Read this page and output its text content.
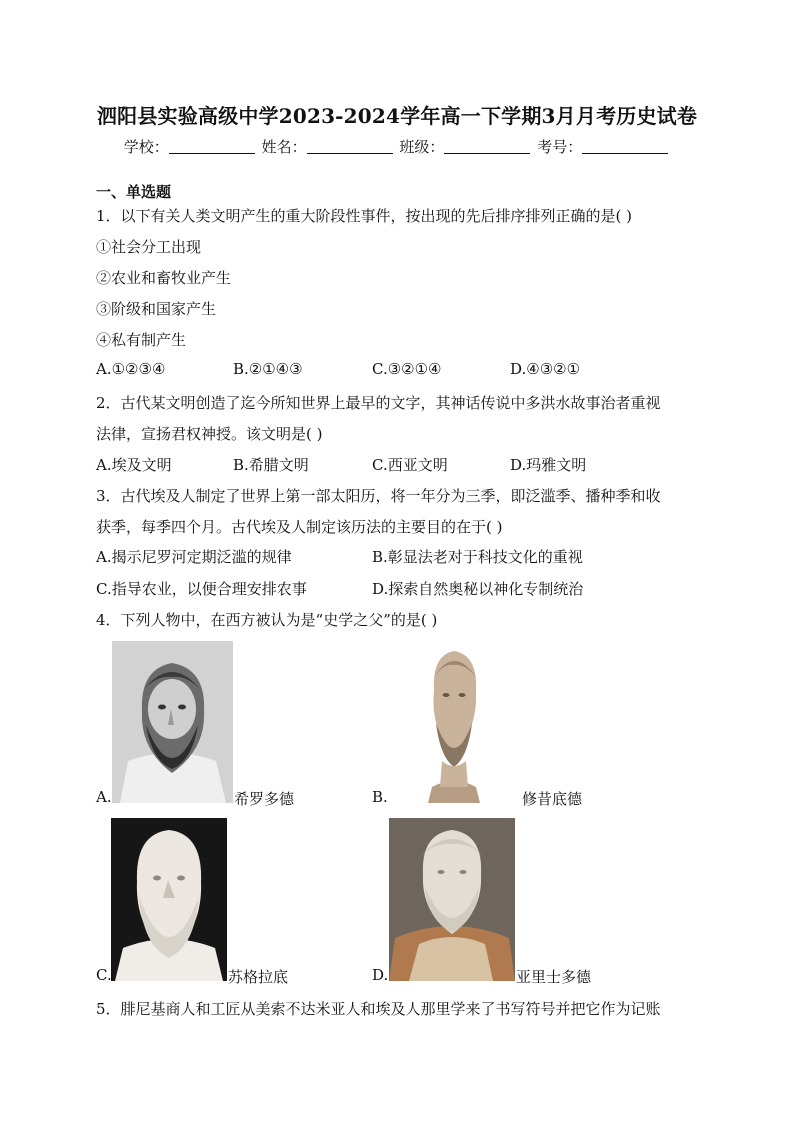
泗阳县实验高级中学2023-2024学年高一下学期3月月考历史试卷
学校：	姓名：	班级：	考号：
一、单选题
1．以下有关人类文明产生的重大阶段性事件，按出现的先后排序排列正确的是( )
①社会分工出现
②农业和畜牧业产生
③阶级和国家产生
④私有制产生
A.①②③④	B.②①④③	C.③②①④	D.④③②①
2．古代某文明创造了迄今所知世界上最早的文字，其神话传说中多洪水故事治者重视
法律，宣扬君权神授。该文明是( )
A.埃及文明	B.希腊文明	C.西亚文明	D.玛雅文明
3．古代埃及人制定了世界上第一部太阳历，将一年分为三季，即泛滥季、播种季和收
获季，每季四个月。古代埃及人制定该历法的主要目的在于( )
A.揭示尼罗河定期泛滥的规律	B.彰显法老对于科技文化的重视
C.指导农业，以便合理安排农事	D.探索自然奥秘以神化专制统治
4．下列人物中，在西方被认为是“史学之父”的是( )
A.	希罗多德	B.	修昔底德
C.	苏格拉底	D.	亚里士多德
5．腓尼基商人和工匠从美索不达米亚人和埃及人那里学来了书写符号并把它作为记账
